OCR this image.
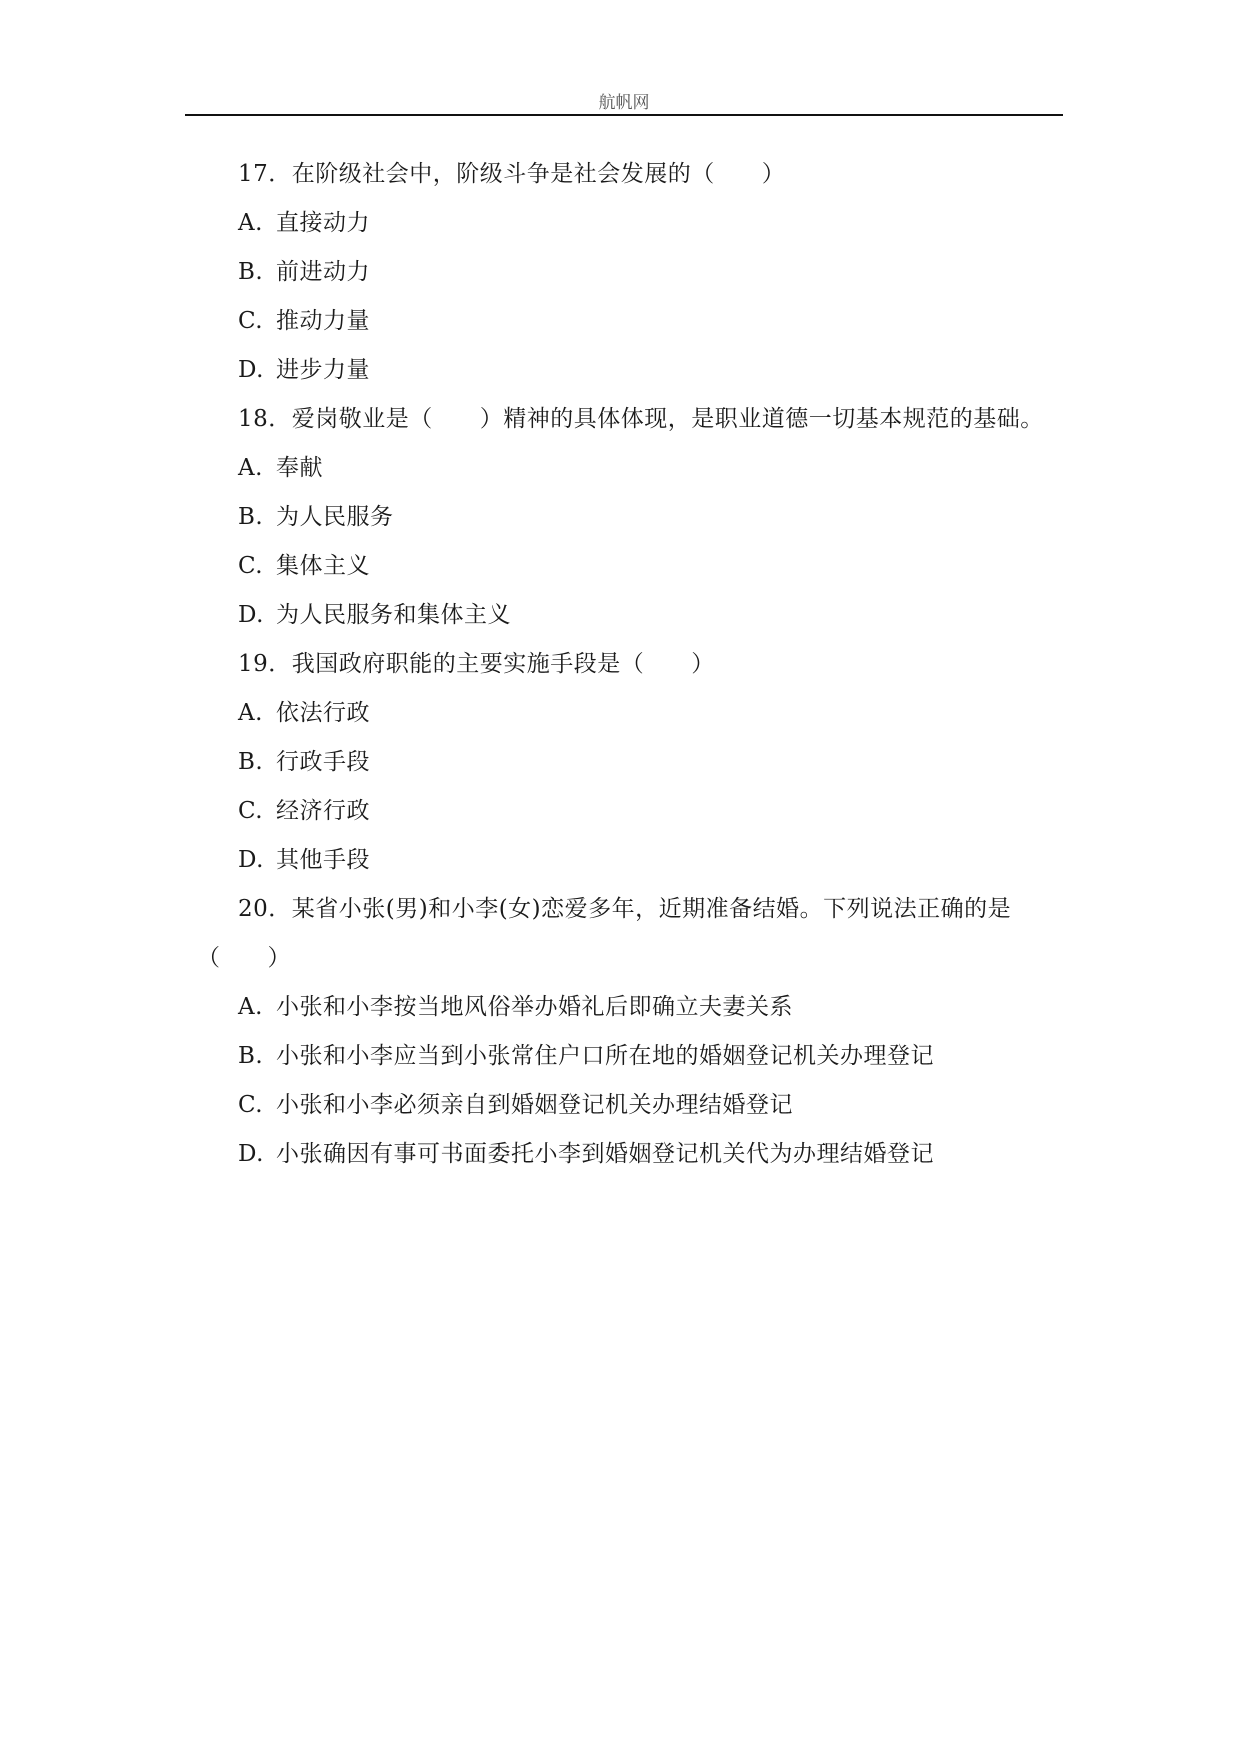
航帆网
17．在阶级社会中，阶级斗争是社会发展的（　　）
A. 直接动力
B. 前进动力
C. 推动力量
D. 进步力量
18．爱岗敬业是（　　）精神的具体体现，是职业道德一切基本规范的基础。
A. 奉献
B. 为人民服务
C. 集体主义
D. 为人民服务和集体主义
19．我国政府职能的主要实施手段是（　　）
A. 依法行政
B. 行政手段
C. 经济行政
D. 其他手段
20．某省小张(男)和小李(女)恋爱多年，近期准备结婚。下列说法正确的是
（　　）
A. 小张和小李按当地风俗举办婚礼后即确立夫妻关系
B. 小张和小李应当到小张常住户口所在地的婚姻登记机关办理登记
C. 小张和小李必须亲自到婚姻登记机关办理结婚登记
D. 小张确因有事可书面委托小李到婚姻登记机关代为办理结婚登记
